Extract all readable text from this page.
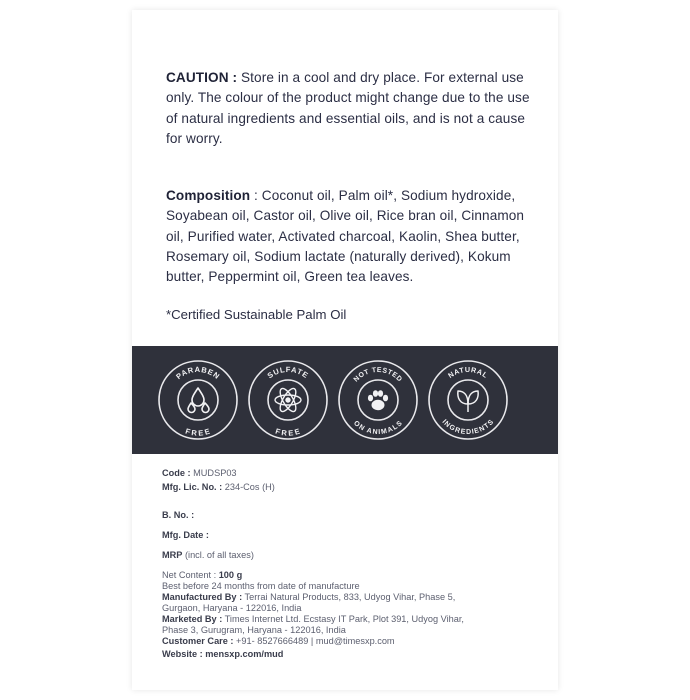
CAUTION : Store in a cool and dry place. For external use only. The colour of the product might change due to the use of natural ingredients and essential oils, and is not a cause for worry.
Composition : Coconut oil, Palm oil*, Sodium hydroxide, Soyabean oil, Castor oil, Olive oil, Rice bran oil, Cinnamon oil, Purified water, Activated charcoal, Kaolin, Shea butter, Rosemary oil, Sodium lactate (naturally derived), Kokum butter, Peppermint oil, Green tea leaves.
*Certified Sustainable Palm Oil
PARABEN
FREE
SULFATE
FREE
NOT TESTED
ON ANIMALS
NATURAL
INGREDIENTS
Code : MUDSP03
Mfg. Lic. No. : 234-Cos (H)
B. No. :
Mfg. Date :
MRP (incl. of all taxes)
Net Content : 100 g
Best before 24 months from date of manufacture
Manufactured By : Terrai Natural Products, 833, Udyog Vihar, Phase 5,
Gurgaon, Haryana - 122016, India
Marketed By : Times Internet Ltd. Ecstasy IT Park, Plot 391, Udyog Vihar,
Phase 3, Gurugram, Haryana - 122016, India
Customer Care : +91- 8527666489 | mud@timesxp.com
Website : mensxp.com/mud
